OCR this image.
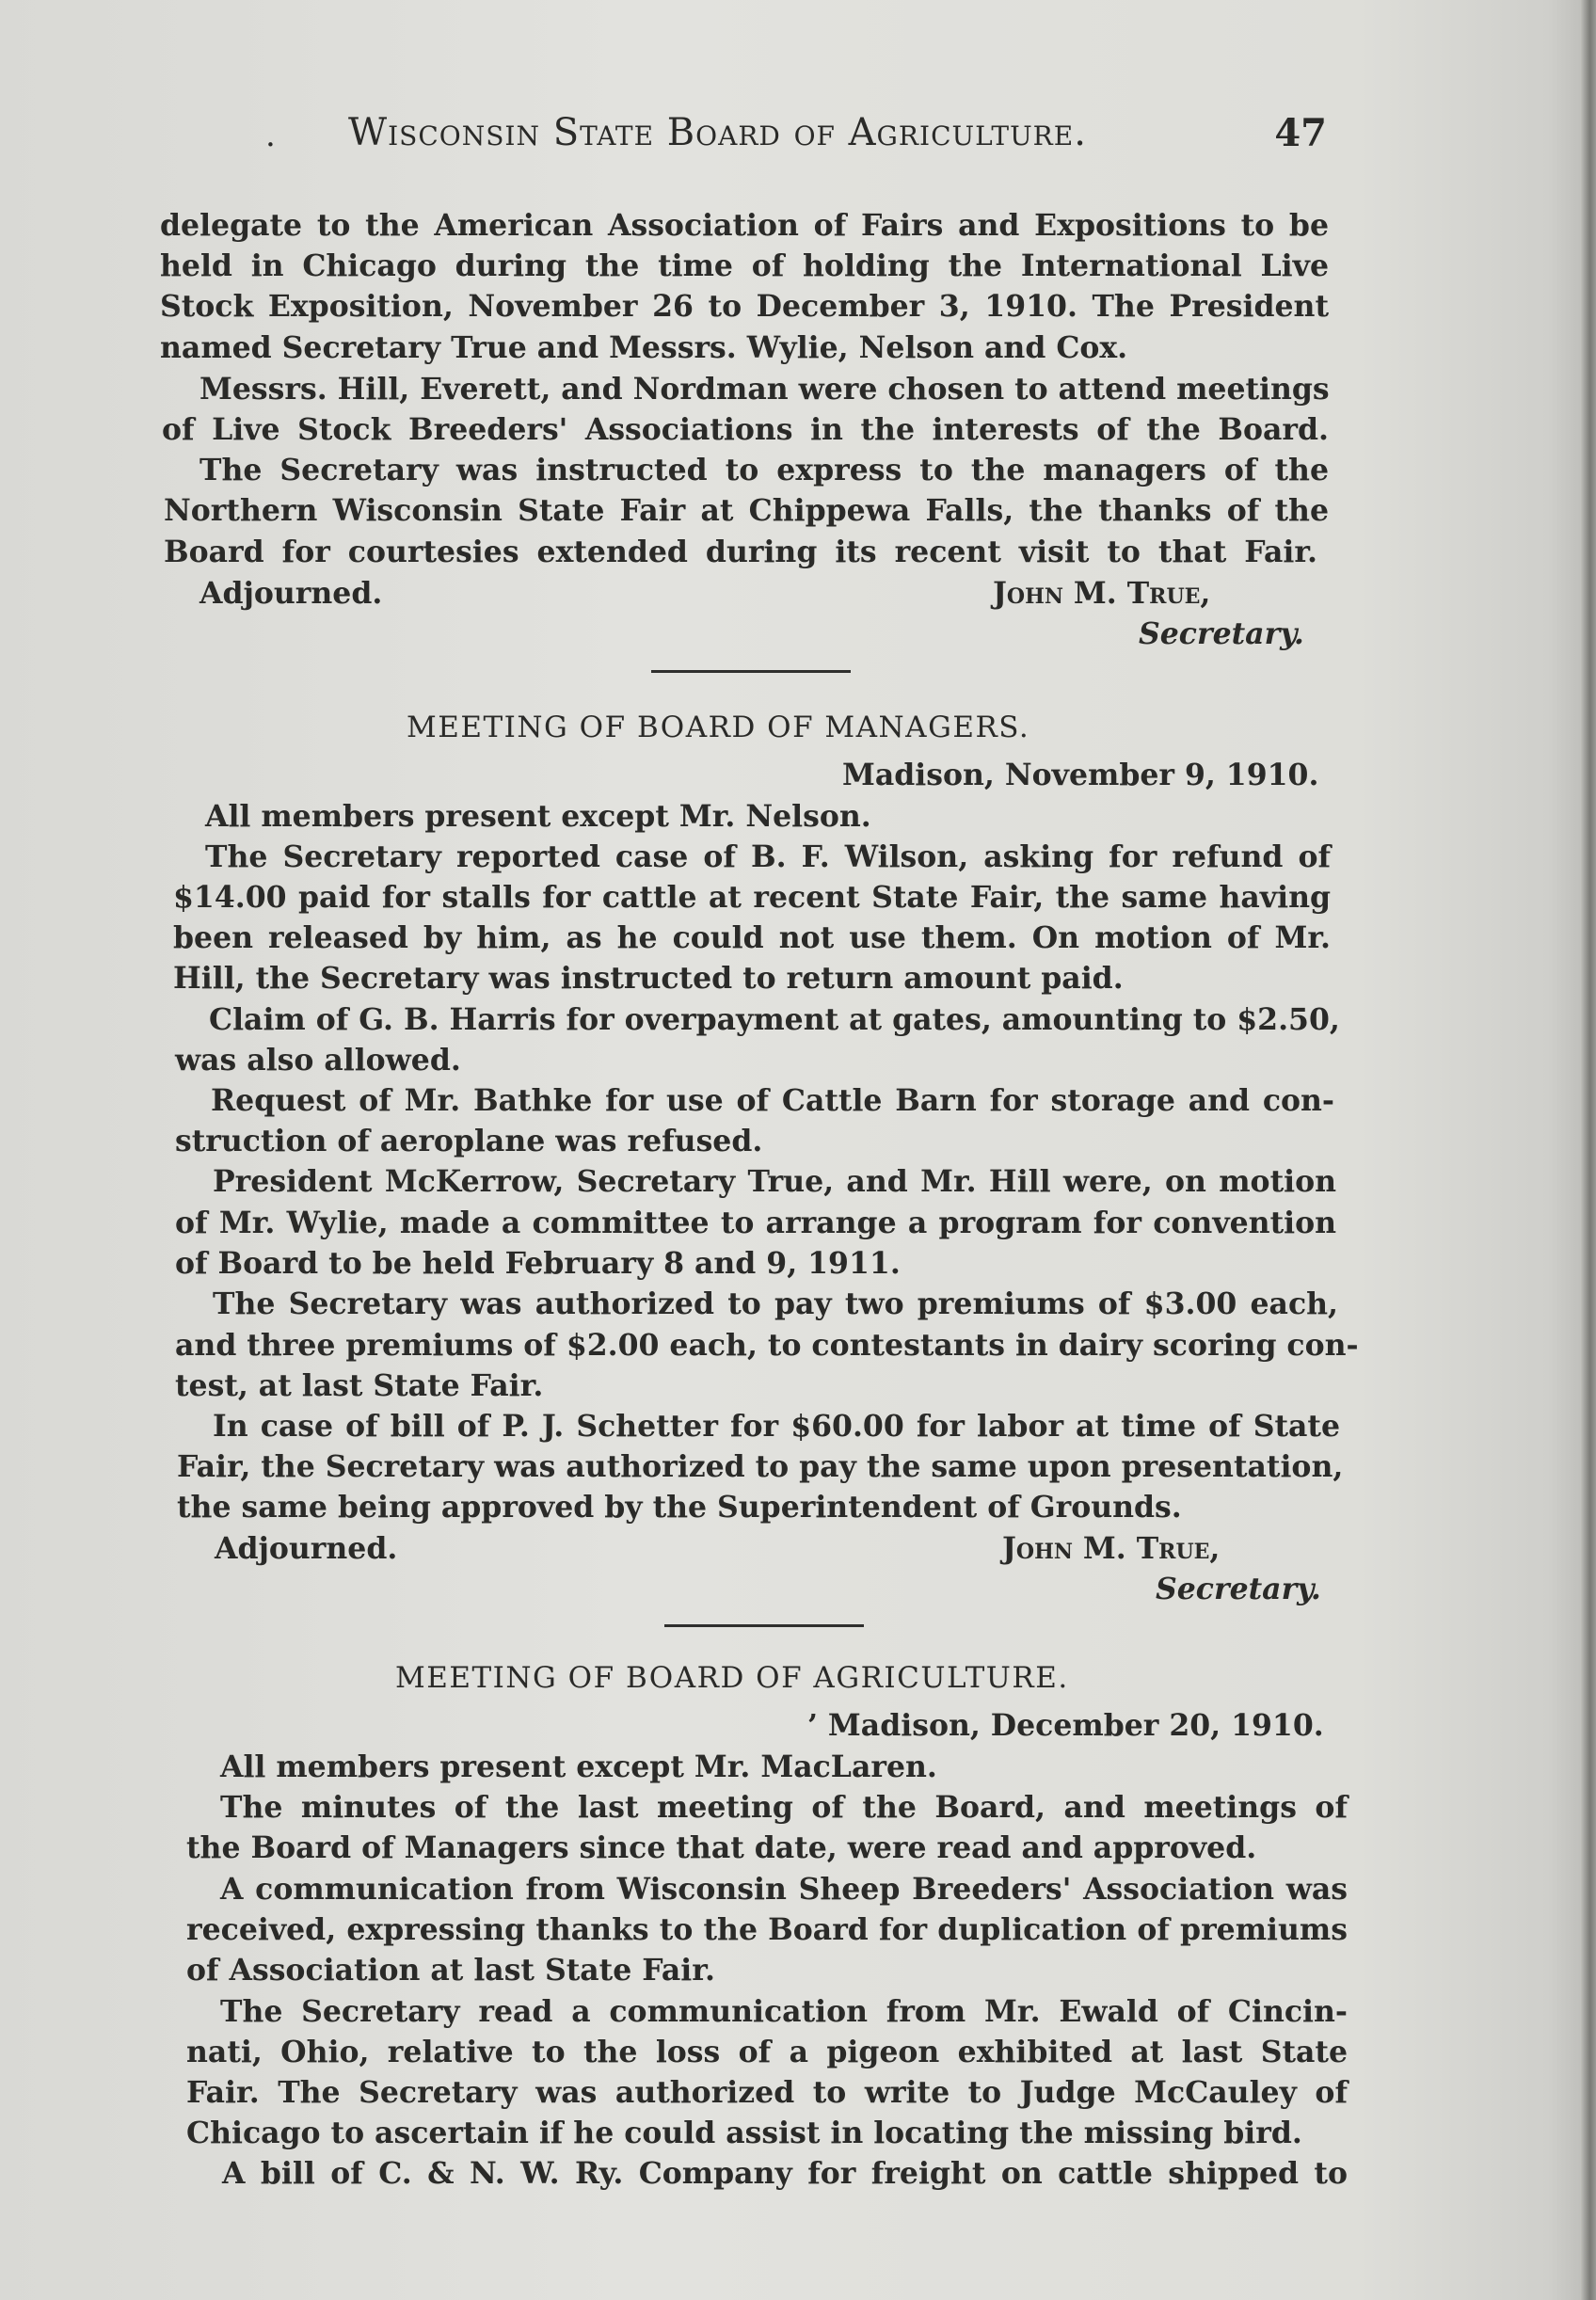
. Wisconsin State Board of Agriculture.	47
delegate to the American Association of Fairs and Expositions to be
held in Chicago during the time of holding the International Live
Stock Exposition, November 26 to December 3, 1910. The President
named Secretary True and Messrs. Wylie, Nelson and Cox.
Messrs. Hill, Everett, and Nordman were chosen to attend meetings
of Live Stock Breeders' Associations in the interests of the Board.
The Secretary was instructed to express to the managers of the
Northern Wisconsin State Fair at Chippewa Falls, the thanks of the
Board for courtesies extended during its recent visit to that Fair.
Adjourned.	John M. True,
Secretary.
MEETING OF BOARD OF MANAGERS.
Madison, November 9, 1910.
All members present except Mr. Nelson.
The Secretary reported case of B. F. Wilson, asking for refund of
$14.00 paid for stalls for cattle at recent State Fair, the same having
been released by him, as he could not use them. On motion of Mr.
Hill, the Secretary was instructed to return amount paid.
Claim of G. B. Harris for overpayment at gates, amounting to $2.50,
was also allowed.
Request of Mr. Bathke for use of Cattle Barn for storage and con-
struction of aeroplane was refused.
President McKerrow, Secretary True, and Mr. Hill were, on motion
of Mr. Wylie, made a committee to arrange a program for convention
of Board to be held February 8 and 9, 1911.
The Secretary was authorized to pay two premiums of $3.00 each,
and three premiums of $2.00 each, to contestants in dairy scoring con-
test, at last State Fair.
In case of bill of P. J. Schetter for $60.00 for labor at time of State
Fair, the Secretary was authorized to pay the same upon presentation,
the same being approved by the Superintendent of Grounds.
Adjourned.	John M. True,
Secretary.
MEETING OF BOARD OF AGRICULTURE.
’ Madison, December 20, 1910.
All members present except Mr. MacLaren.
The minutes of the last meeting of the Board, and meetings of
the Board of Managers since that date, were read and approved.
A communication from Wisconsin Sheep Breeders' Association was
received, expressing thanks to the Board for duplication of premiums
of Association at last State Fair.
The Secretary read a communication from Mr. Ewald of Cincin-
nati, Ohio, relative to the loss of a pigeon exhibited at last State
Fair. The Secretary was authorized to write to Judge McCauley of
Chicago to ascertain if he could assist in locating the missing bird.
A bill of C. & N. W. Ry. Company for freight on cattle shipped to
